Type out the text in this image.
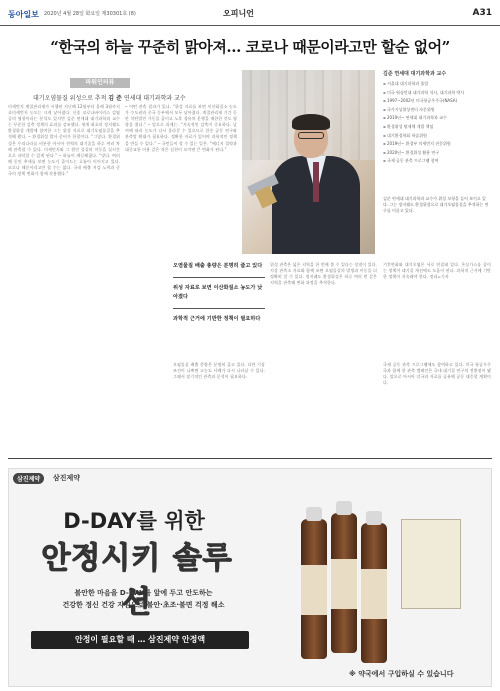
동아일보 2020년 4월 28일 화요일 제30301호 (8)	오피니언	A31
“한국의 하늘 꾸준히 맑아져… 코로나 때문이라고만 할순 없어”
파워인터뷰
대기오염물질 위성으로 추적 김 준 연세대 대기과학과 교수

미세먼지 계절관리제가 시행된 지난해 12월부터 올해 3월까지 초미세먼지 농도는 크게 낮아졌다. 신종 코로나바이러스 감염증의 영향이라는 분석도 있지만 김준 연세대 대기과학과 교수는 꾸준한 감축 정책의 효과를 강조했다. 세계 최초의 정지궤도 환경위성 개발에 참여한 그는 위성 자료로 대기오염물질을 추적해 왔다. ─ 환경위성 발사 준비가 한창이다. “그렇다. 환경위성은 우리나라를 비롯한 아시아 전역의 대기질을 하루 여러 차례 관측할 수 있다. 미세먼지와 그 원인 물질의 이동을 실시간으로 파악할 수 있게 된다.” ─ 하늘이 깨끗해졌다. “맞다. 여러 해 동안 추세를 보면 농도가 줄어드는 흐름이 이어지고 있다. 코로나 때문이라고만 할 수는 없다. 국내 배출 저감 노력과 중국의 정책 변화가 함께 작용했다.”

─ 어떤 관측 결과가 있나. “위성 자료를 보면 이산화질소 농도가 수도권과 중국 동부에서 모두 낮아졌다. 계절관리제 기간 동안 석탄발전 가동을 줄이고 노후 경유차 운행을 제한한 것도 영향을 줬다.” ─ 앞으로 과제는. “지속적인 감축이 중요하다. 날씨에 따라 농도가 다시 올라갈 수 있으므로 한중 공동 연구와 관측망 확대가 필요하다. 정확한 자료가 있어야 과학적인 정책을 만들 수 있다.” ─ 국민들이 할 수 있는 일은. “에너지 절약과 대중교통 이용 같은 작은 실천이 모이면 큰 변화가 된다.”

김준 연세대 대기과학과 교수
▪ 서울대 대기과학과 졸업
▪ 미국 워싱턴대 대기과학 석사, 대기과학 박사
▪ 1997∼2002년 미국항공우주국(NASA)
▪ 국가기상위성센터 자문위원
▪ 2010년∼ 연세대 대기과학과 교수
▪ 환경위성 탑재체 개발 책임
▪ 대기환경학회 학술위원
▪ 2019년∼ 환경부 미세먼지 전문위원
▪ 2020년∼ 환경위성 활용 연구
▪ 국제 공동 관측 프로그램 참여
김준 연세대 대기과학과 교수가 위성 모형을 들어 보이고 있다. 그는 정지궤도 환경위성으로 대기오염물질을 추적하는 연구를 이끌고 있다.

기후변화와 대기오염은 서로 연결돼 있다. 온실가스를 줄이는 정책이 대기질 개선에도 도움이 된다. 과학적 근거에 기반한 정책이 지속돼야 한다. 정리=기자

오염물질 배출 총량은 분명히 줄고 있다
위성 자료로 보면 이산화질소 농도가 낮아졌다
과학적 근거에 기반한 정책이 필요하다

오염물질 배출 총량은 분명히 줄고 있다. 다만 기상 조건이 나쁘면 고농도 사례가 다시 나타날 수 있다. 그래서 장기적인 관측과 분석이 필요하다.

위성 관측은 넓은 지역을 한 번에 볼 수 있다는 장점이 있다. 지상 관측소 자료와 함께 쓰면 오염물질의 발생과 이동을 더 정확히 알 수 있다. 정지궤도 환경위성은 하루 여러 번 같은 지역을 관측해 변화 과정을 추적한다.

국제 공동 관측 프로그램에도 참여하고 있다. 미국 항공우주국과 함께 한 관측 캠페인은 국내 대기질 연구의 전환점이 됐다. 앞으로 아시아 각국과 자료를 공유해 공동 대응할 계획이다.

삼진제약	삼진제약
D-DAY를 위한
안정시키 솔루션
불안한 마음을 D-DAY를 앞에 두고 안도하는
건강한 정신 건강 지원으로 불안·초조·불면 걱정 해소
안정이 필요할 때 … 삼진제약 안정액
※ 약국에서 구입하실 수 있습니다
